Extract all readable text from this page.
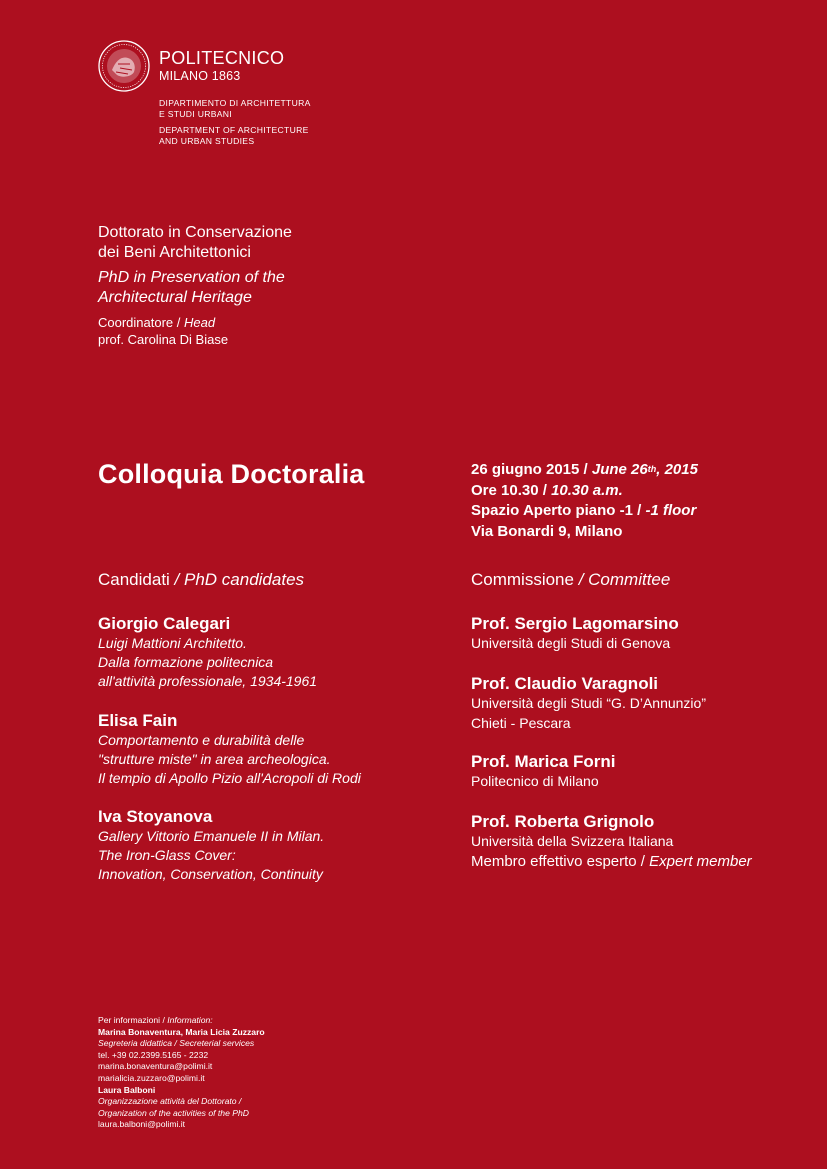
POLITECNICO
MILANO 1863
DIPARTIMENTO DI ARCHITETTURA
E STUDI URBANI
DEPARTMENT OF ARCHITECTURE
AND URBAN STUDIES
Dottorato in Conservazione
dei Beni Architettonici
PhD in Preservation of the
Architectural Heritage
Coordinatore / Head
prof. Carolina Di Biase
Colloquia Doctoralia	26 giugno 2015 / June 26th, 2015
Ore 10.30 / 10.30 a.m.
Spazio Aperto piano -1 / -1 floor
Via Bonardi 9, Milano
Candidati / PhD candidates	Commissione / Committee
Giorgio Calegari
Luigi Mattioni Architetto.
Dalla formazione politecnica
all'attività professionale, 1934-1961
Elisa Fain
Comportamento e durabilità delle
"strutture miste" in area archeologica.
Il tempio di Apollo Pizio all'Acropoli di Rodi
Iva Stoyanova
Gallery Vittorio Emanuele II in Milan.
The Iron-Glass Cover:
Innovation, Conservation, Continuity
Prof. Sergio Lagomarsino
Università degli Studi di Genova
Prof. Claudio Varagnoli
Università degli Studi “G. D’Annunzio”
Chieti - Pescara
Prof. Marica Forni
Politecnico di Milano
Prof. Roberta Grignolo
Università della Svizzera Italiana
Membro effettivo esperto / Expert member
Per informazioni / Information:
Marina Bonaventura, Maria Licia Zuzzaro
Segreteria didattica / Secreterial services
tel. +39 02.2399.5165 - 2232
marina.bonaventura@polimi.it
marialicia.zuzzaro@polimi.it
Laura Balboni
Organizzazione attività del Dottorato /
Organization of the activities of the PhD
laura.balboni@polimi.it
